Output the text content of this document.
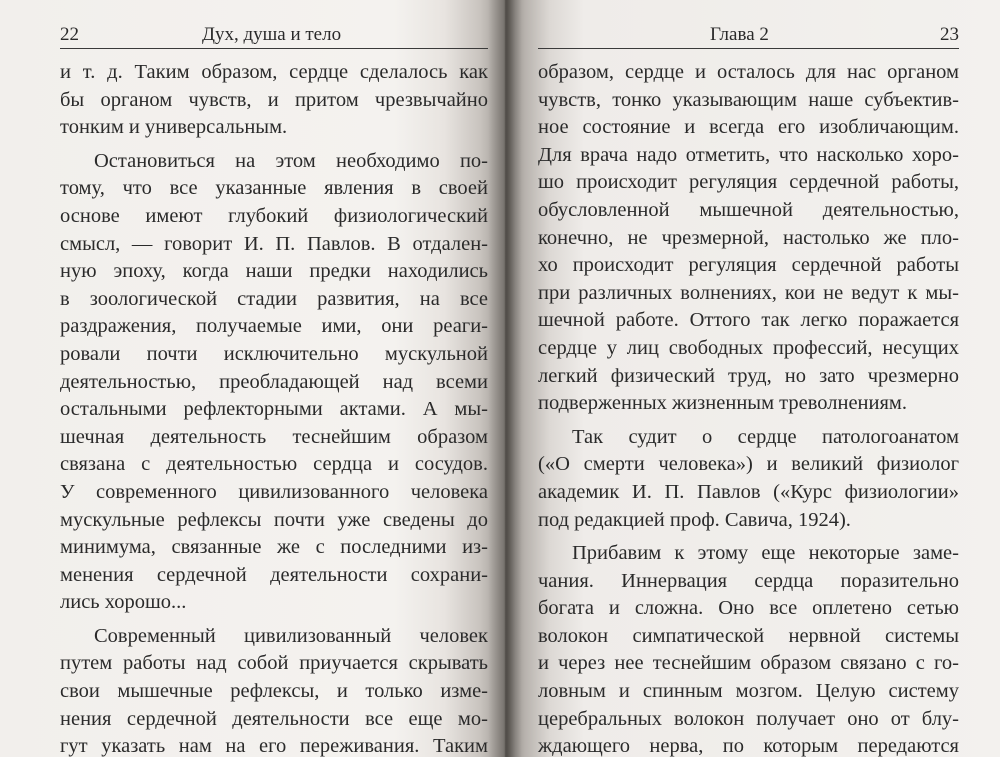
22	Дух, душа и тело
и т. д. Таким образом, сердце сделалось как
бы органом чувств, и притом чрезвычайно
тонким и универсальным.
Остановиться на этом необходимо по-
тому, что все указанные явления в своей
основе имеют глубокий физиологический
смысл, — говорит И. П. Павлов. В отдален-
ную эпоху, когда наши предки находились
в зоологической стадии развития, на все
раздражения, получаемые ими, они реаги-
ровали почти исключительно мускульной
деятельностью, преобладающей над всеми
остальными рефлекторными актами. А мы-
шечная деятельность теснейшим образом
связана с деятельностью сердца и сосудов.
У современного цивилизованного человека
мускульные рефлексы почти уже сведены до
минимума, связанные же с последними из-
менения сердечной деятельности сохрани-
лись хорошо...
Современный цивилизованный человек
путем работы над собой приучается скрывать
свои мышечные рефлексы, и только измe-
нения сердечной деятельности все еще мо-
гут указать нам на его переживания. Таким
Глава 2	23
образом, сердце и осталось для нас органом
чувств, тонко указывающим наше субъектив-
ное состояние и всегда его изобличающим.
Для врача надо отметить, что насколько хоро-
шо происходит регуляция сердечной работы,
обусловленной мышечной деятельностью,
конечно, не чрезмерной, настолько же пло-
хо происходит регуляция сердечной работы
при различных волнениях, кои не ведут к мы-
шечной работе. Оттого так легко поражается
сердце у лиц свободных профессий, несущих
легкий физический труд, но зато чрезмерно
подверженных жизненным треволнениям.
Так судит о сердце патологоанатом
(«О смерти человека») и великий физиолог
академик И. П. Павлов («Курс физиологии»
под редакцией проф. Савича, 1924).
Прибавим к этому еще некоторые заме-
чания. Иннервация сердца поразительно
богата и сложна. Оно все оплетено сетью
волокон симпатической нервной системы
и через нее теснейшим образом связано с го-
ловным и спинным мозгом. Целую систему
церебральных волокон получает оно от блу-
ждающего нерва, по которым передаются
